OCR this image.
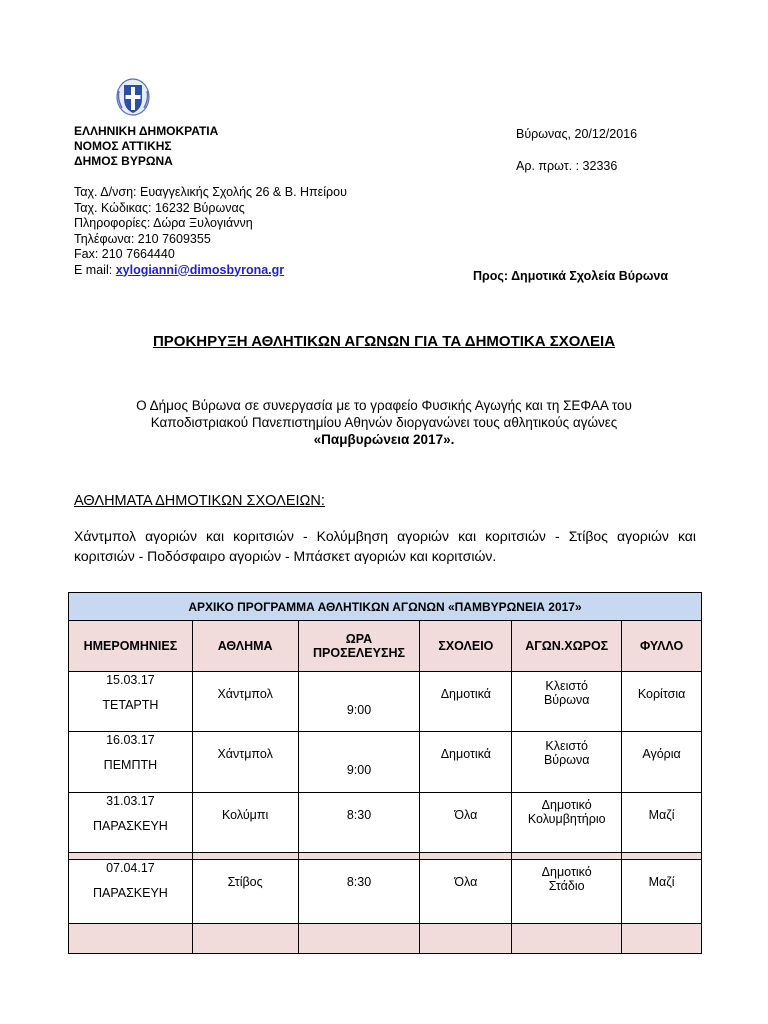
ΕΛΛΗΝΙΚΗ ΔΗΜΟΚΡΑΤΙΑ
ΝΟΜΟΣ ΑΤΤΙΚΗΣ
ΔΗΜΟΣ ΒΥΡΩΝΑ
Βύρωνας, 20/12/2016
Αρ. πρωτ. : 32336
Ταχ. Δ/νση: Ευαγγελικής Σχολής 26 & Β. Ηπείρου
Ταχ. Κώδικας: 16232 Βύρωνας
Πληροφορίες: Δώρα Ξυλογιάννη
Τηλέφωνα: 210 7609355
Fax: 210 7664440
E mail: xylogianni@dimosbyrona.gr	Προς: Δημοτικά Σχολεία Βύρωνα
ΠΡΟΚΗΡΥΞΗ ΑΘΛΗΤΙΚΩΝ ΑΓΩΝΩΝ ΓΙΑ ΤΑ ΔΗΜΟΤΙΚΑ ΣΧΟΛΕΙΑ
Ο Δήμος Βύρωνα σε συνεργασία με το γραφείο Φυσικής Αγωγής και τη ΣΕΦΑΑ του
Καποδιστριακού Πανεπιστημίου Αθηνών διοργανώνει τους αθλητικούς αγώνες
«Παμβυρώνεια 2017».
ΑΘΛΗΜΑΤΑ ΔΗΜΟΤΙΚΩΝ ΣΧΟΛΕΙΩΝ:
Χάντμπολ αγοριών και κοριτσιών - Κολύμβηση αγοριών και κοριτσιών - Στίβος αγοριών και κοριτσιών - Ποδόσφαιρο αγοριών - Μπάσκετ αγοριών και κοριτσιών.
ΑΡΧΙΚΟ ΠΡΟΓΡΑΜΜΑ ΑΘΛΗΤΙΚΩΝ ΑΓΩΝΩΝ «ΠΑΜΒΥΡΩΝΕΙΑ 2017»					
ΗΜΕΡΟΜΗΝΙΕΣ	ΑΘΛΗΜΑ	ΩΡΑ ΠΡΟΣΕΛΕΥΣΗΣ	ΣΧΟΛΕΙΟ	ΑΓΩΝ.ΧΩΡΟΣ	ΦΥΛΛΟ

15.03.17
ΤΕΤΑΡΤΗ	Χάντμπολ	9:00	Δημοτικά	Κλειστό Βύρωνα	Κορίτσια

16.03.17
ΠΕΜΠΤΗ	Χάντμπολ	9:00	Δημοτικά	Κλειστό Βύρωνα	Αγόρια

31.03.17
ΠΑΡΑΣΚΕΥΗ	Κολύμπι	8:30	Όλα	Δημοτικό Κολυμβητήριο	Μαζί

07.04.17
ΠΑΡΑΣΚΕΥΗ	Στίβος	8:30	Όλα	Δημοτικό Στάδιο	Μαζί
